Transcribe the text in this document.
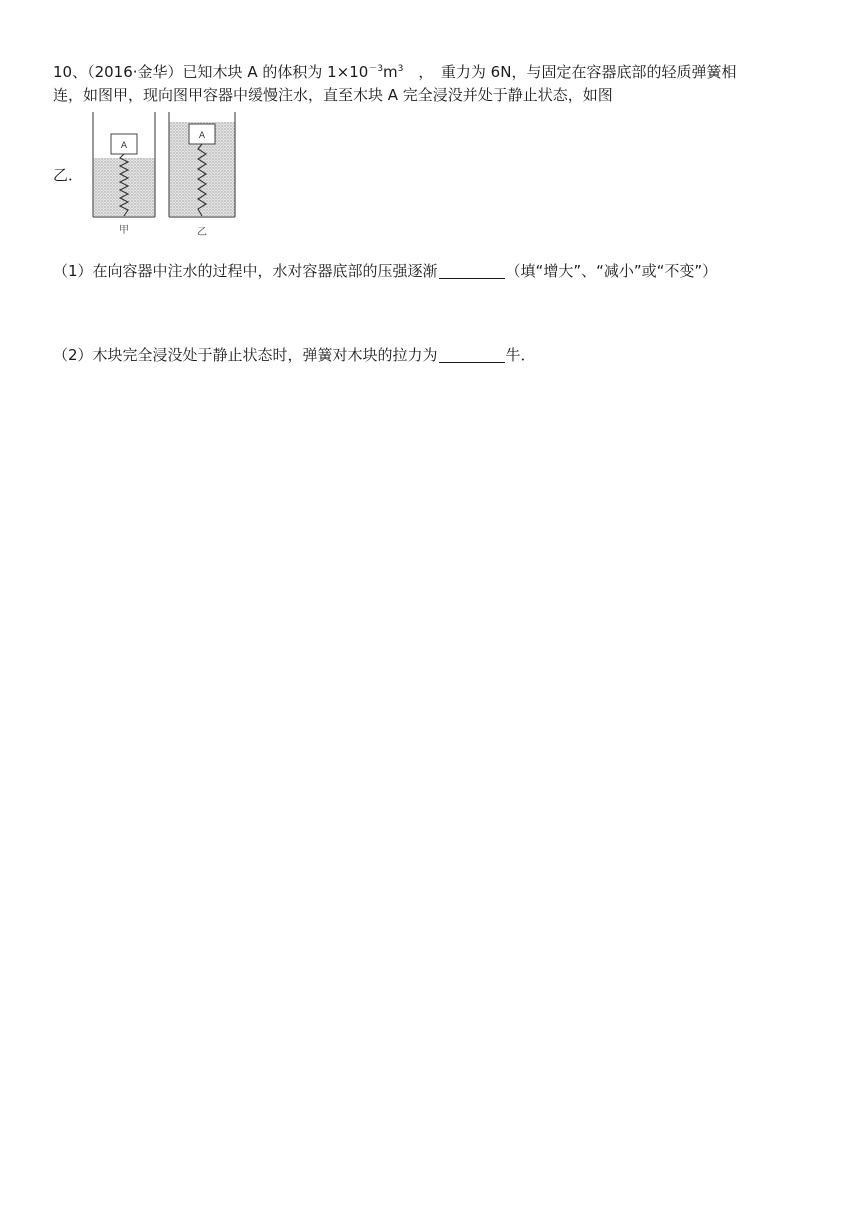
10、（2016·金华）已知木块 A 的体积为 $1\times 10^{-3}m^3$　，　重力为 6N，与固定在容器底部的轻质弹簧相
连，如图甲，现向图甲容器中缓慢注水，直至木块 A 完全浸没并处于静止状态，如图
乙．
A
甲
A
乙
（1）在向容器中注水的过程中，水对容器底部的压强逐渐	（填“增大”、“减小”或“不变”）
（2）木块完全浸没处于静止状态时，弹簧对木块的拉力为	牛．
